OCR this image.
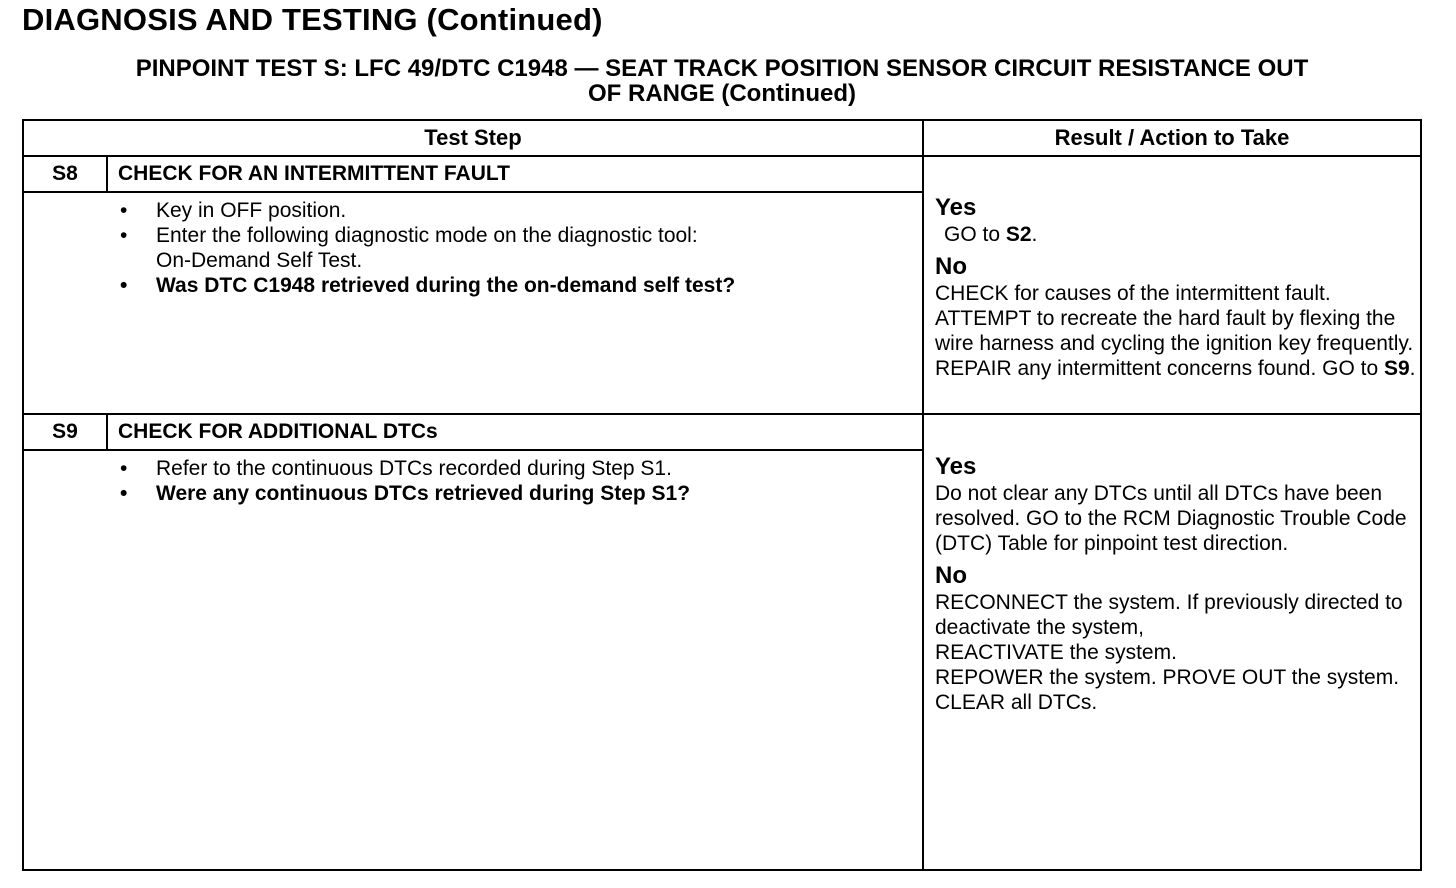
DIAGNOSIS AND TESTING (Continued)
PINPOINT TEST S: LFC 49/DTC C1948 — SEAT TRACK POSITION SENSOR CIRCUIT RESISTANCE OUT
OF RANGE (Continued)
Test Step	Result / Action to Take
S8	CHECK FOR AN INTERMITTENT FAULT
• Key in OFF position.
• Enter the following diagnostic mode on the diagnostic tool:
On-Demand Self Test.
• Was DTC C1948 retrieved during the on-demand self test?
Yes
GO to S2.
No
CHECK for causes of the intermittent fault. ATTEMPT to recreate the hard fault by flexing the wire harness and cycling the ignition key frequently. REPAIR any intermittent concerns found. GO to S9.
S9	CHECK FOR ADDITIONAL DTCs
• Refer to the continuous DTCs recorded during Step S1.
• Were any continuous DTCs retrieved during Step S1?
Yes
Do not clear any DTCs until all DTCs have been resolved. GO to the RCM Diagnostic Trouble Code (DTC) Table for pinpoint test direction.
No
RECONNECT the system. If previously directed to deactivate the system,
REACTIVATE the system.
REPOWER the system. PROVE OUT the system. CLEAR all DTCs.
